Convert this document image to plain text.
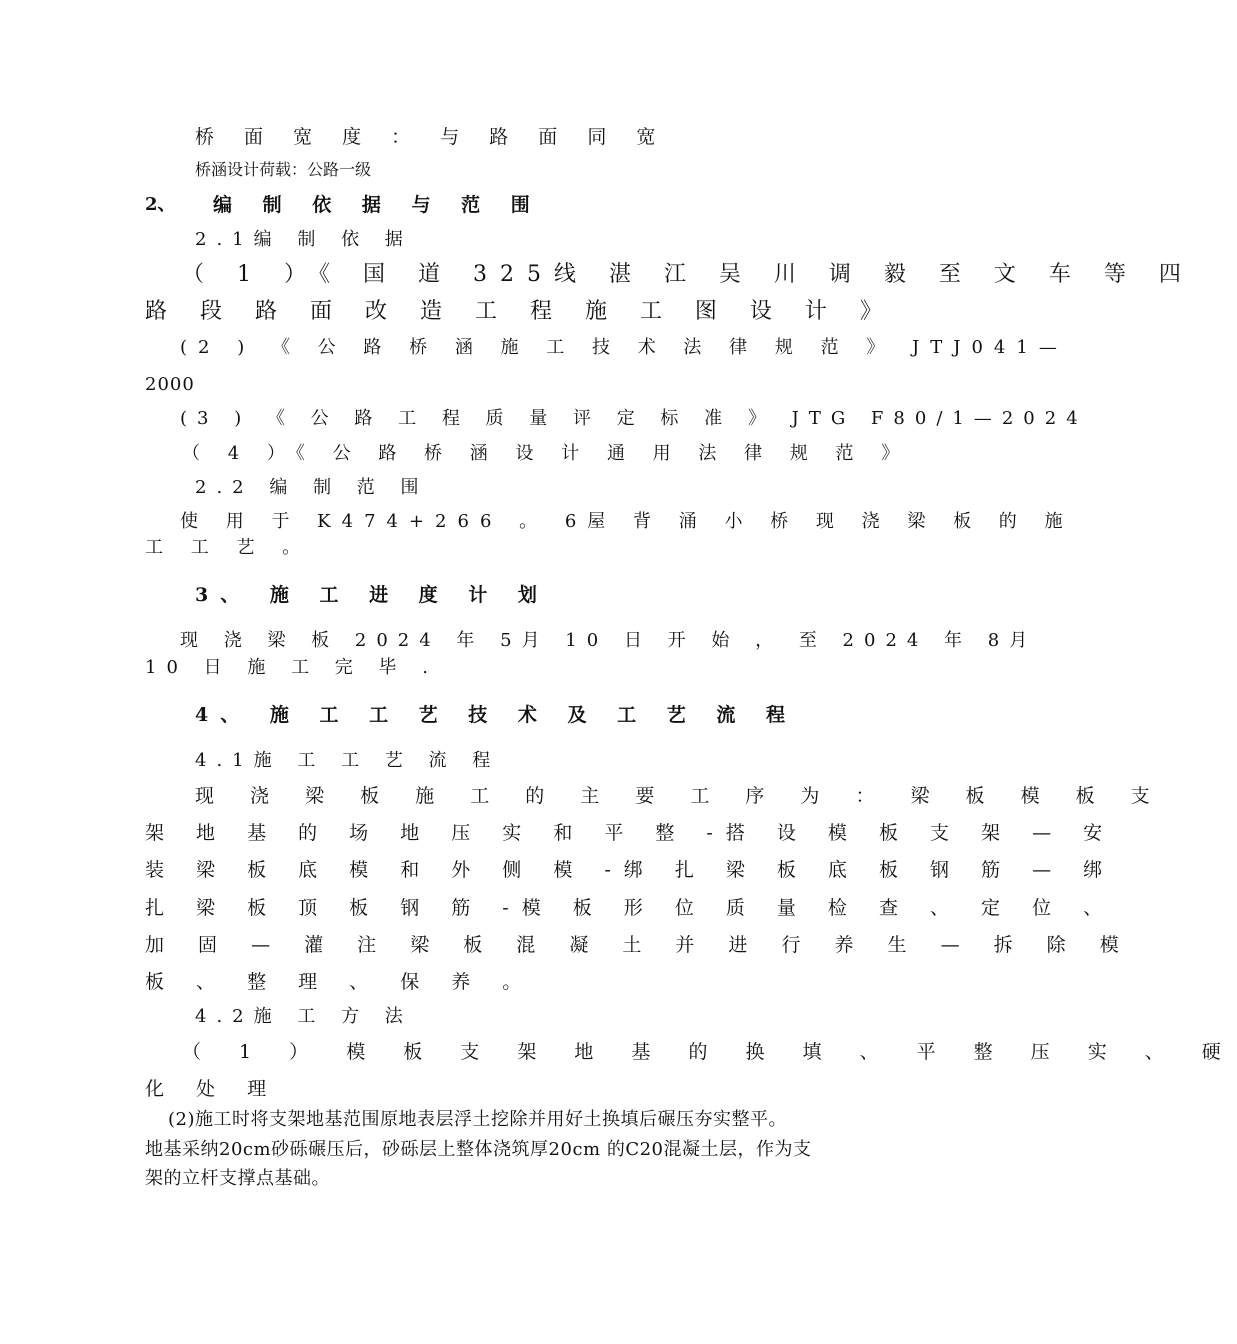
桥 面 宽 度 ： 与 路 面 同 宽
桥涵设计荷载：公路一级
2、 编 制 依 据 与 范 围
2.1编 制 依 据
（ 1 ）《 国 道 325线 湛 江 吴 川 调 毅 至 文 车 等 四
路 段 路 面 改 造 工 程 施 工 图 设 计 》
(2 ) 《 公 路 桥 涵 施 工 技 术 法 律 规 范 》 JTJ041—
2000
(3 ) 《 公 路 工 程 质 量 评 定 标 准 》 JTG F80/1—2024
（ 4 ）《 公 路 桥 涵 设 计 通 用 法 律 规 范 》
2.2 编 制 范 围
使 用 于 K474+266 。 6屋 背 涌 小 桥 现 浇 梁 板 的 施
工 工 艺 。
3、 施 工 进 度 计 划
现 浇 梁 板 2024 年 5月 10 日 开 始 ， 至 2024 年 8月
10 日 施 工 完 毕 .
4、 施 工 工 艺 技 术 及 工 艺 流 程
4.1施 工 工 艺 流 程
现 浇 梁 板 施 工 的 主 要 工 序 为 ： 梁 板 模 板 支
架 地 基 的 场 地 压 实 和 平 整 -搭 设 模 板 支 架 — 安
装 梁 板 底 模 和 外 侧 模 -绑 扎 梁 板 底 板 钢 筋 — 绑
扎 梁 板 顶 板 钢 筋 -模 板 形 位 质 量 检 查 、 定 位 、
加 固 — 灌 注 梁 板 混 凝 土 并 进 行 养 生 — 拆 除 模
板 、 整 理 、 保 养 。
4.2施 工 方 法
（ 1 ） 模 板 支 架 地 基 的 换 填 、 平 整 压 实 、 硬
化 处 理
(2)施工时将支架地基范围原地表层浮土挖除并用好土换填后碾压夯实整平。
地基采纳20cm砂砾碾压后，砂砾层上整体浇筑厚20cm 的C20混凝土层，作为支
架的立杆支撑点基础。
